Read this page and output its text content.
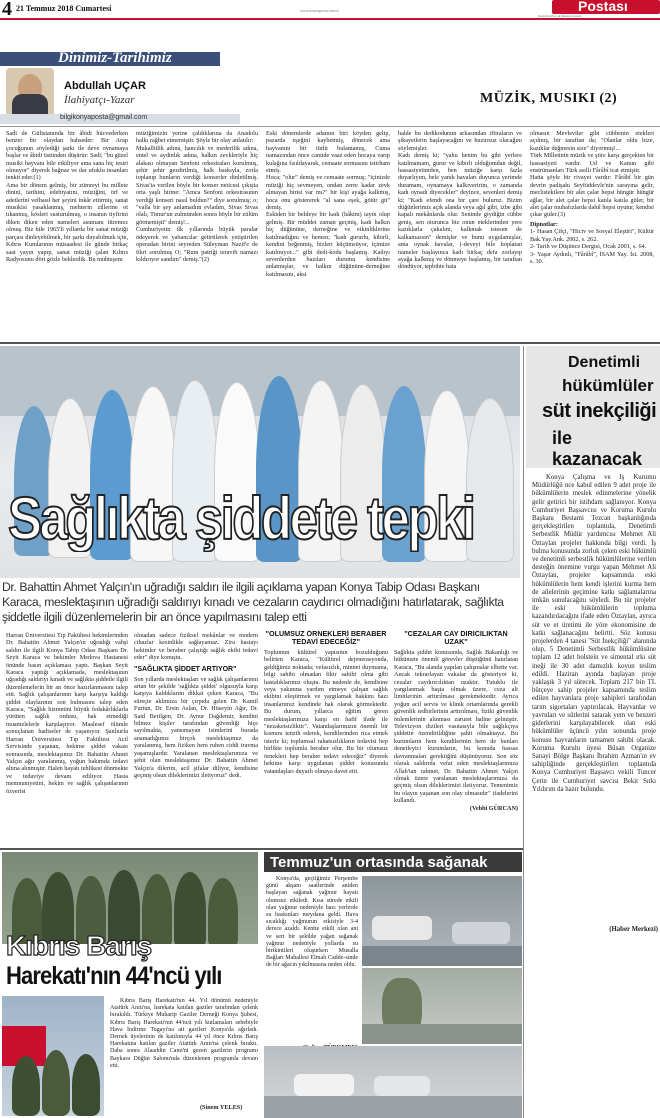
4 21 Temmuz 2018 Cumartesi	www.konyaposta.com.tr
Konya'nın En Çok Okunan Gazetesi
Postası
Dinimiz-Tarihimiz
Abdullah UÇAR
İlahiyatçı-Yazar
bilgikonyaposta@gmail.com
MÜZİK, MUSIKI (2)
Sadi de Gülistanında bir âbidi hücvederken benzer bir olaydan bahseder: Bir Arap çocuğunun söylediği şarkı ile deve oynamaya başlar ve âbidi üstünden düşürür: Sadi; "bu güzel musiki hayvanı bile etkiliyor ama sana hiç tesiri olmuyor" diyerek bağnaz ve dar ufuklu insanları tenkit eder.(1)
Ama bir dönem gelmiş, bir zümreyi bu millete dinini, tarihini, edebiyatını, müziğini, örf ve adetlerini velhasıl her şeyini inkâr ettirmiş, sanat musikisi yasaklanmış, mehterin zillerine ot tıkanmış, kösleri susturulmuş, o insanın tiyfirini diken diken eden nameleri asumanı titremez olmuş. Biz bile 1965'li yıllarda bir sanat müziği parçası dinleyebilmek, bir şarkı duyabilmek için, Kıbrıs Kumlarının müsaadesi ile günde birkaç saat yayın yapıp, sanat müziği çalan Kıbrıs Radyosunu dört gözle beklerdik. Bu muhteşem
müziğimizin yerine çaldıklarına da Anadolu halkı rağbet etmemiştir. Şöyle bir olay anlatılır:
Mukallitlik adına, hancılık ve mederilik adına, entel ve aydınlık adına, halkın zevkleriyle hiç alakası olmayan Senfoni orkestraları kurulmuş, şehir şehir gezdirilmiş, halk baskıyla, zorla toplanıp bunların verdiği konserler dinletilmiş. Sivas'ta verilen böyle bir konser neticesi çıkışta orta yaşlı birine: "Amca Senfoni orkestrasının verdiği konseri nasıl buldun?" diye sorulmuş; o; "valla bir şey anlamadım evladım, Sivas Sivas olalı, Timur'un zulmünden sonra böyle bir zülüm görmemişti" demiş!...
Cumhuriyetin ilk yıllarında büyük paralar ödeyerek ve yabancılar getirtilerek yetiştirilen operadan birini seyreden Süleyman Nazif'e de fikri sorulmuş O; "Rum patriği teravih namazı kıldırıyor sandım" demiş."(2)
Eski dönemlerde adamın biri köyden gelip, pazarda eşeğini kaybetmiş, dönecek ama hayvanını bir türlü bulamamış, Cuma namazından önce camide vaaz eden hocaya varıp kulağına fısıldayarak, cemaate sormasını istirham etmiş.
Hoca; "olur" demiş ve cemaate sormuş; "içinizde müziği hiç sevmeyen, ondan zerre kadar zevk almayan birisi var mı?" bir kişi ayağa kalkmış, hoca onu göstererek "al sana eşek, götür git" demiş.
Eskiden bir beldeye bir kadı (hâkim) tayin olup gelmiş. Bir müddet zaman geçmiş, kadı halkın hiç düğününe, derneğine ve etkinliklerine katılmadığını ve hemen; "kadı gururlu, kibirli, kendini beğenmiş, bizleri küçümsüyor, içimize katılmıyor..." gibi dedi-kodu başlamış. Kadıyı sevenlerden bazıları durumu kendisine anlatmışlar, ve halkın düğününe-derneğine katılmasını, aksi
halde bu dedikodunun arkasından iftiraların ve şikayetlerin başlayacağını ve huzursuz olacağını söylemişler.
Kadı demiş ki; "yahu benim bu gibi yerlere katılmamam, gurur ve kibirli olduğumdan değil, hassasiyetimden, ben müziğe karşı fazla duyarlıyım, hele yanık havaları duyunca yerimde duramam, oynamaya kalkıveririm, o zamanda kadı oynadı diyecekler" deyince, sevenleri demiş ki; "Kadı efendi ona bir çare buluruz. Bizim düğünlerimiz açık alanda veya ağıl gibi, izbe gibi kapalı mekânlarda olur. Seninde giydiğin cübbe geniş, sen oturunca biz onun eteklerinden yere kazıklarla çakalım, kalkmak istesen de kalkamazsın" demişler ve bunu uygulamışlar, ama oynak havalar, (-deveyi bile hoplatan nameler başlayınca kadı birkaç defa zorlayıp ayağa kalkmış ve dönmeye başlamış, bir taraftan döndüyor, tepbihte hata
olmasın Mevleviler gibi cübbenin etekleri açılmış, bir taraftan da; "Olanlar oldu bize, kazıklar değmesin size" diyormuş!...
Türk Milletinin müzik ve şiire karşı gerçekten bir hassasiyeti vardır. Ud ve Kanun gibi enstrümanları Türk asıllı Fârâbî icat etmiştir.
Hatta şöyle bir rivayet vardır: Fârâbî bir gün devrin padişahı Seyfüddevle'nin sarayına gelir, meclistekilere bir alet çalar hepsi hüngür hüngür ağlar, bir alet çalar hepsi katıla katıla güler, bir alet çalar muhafızlarda dahil hepsi uyutur, kendisi çıkar gider.(3)
Dipnotlar:
1- Hasan Çifçi, "Hiciv ve Sosyal Eleştiri", Kültür Bak.Yay.Ank. 2002, s. 262.
2- Tarih ve Düşünce Dergisi, Ocak 2001, s. 64.
3- Yaşar Aydınlı, "Fârâbî", İSAM Yay. İst. 2008, s. 30.
Sağlıkta şiddete tepki
Dr. Bahattin Ahmet Yalçın'ın uğradığı saldırı ile ilgili açıklama yapan Konya Tabip Odası Başkanı Karaca, meslektaşının uğradığı saldırıyı kınadı ve cezaların caydırıcı olmadığını hatırlatarak, sağlıkta şiddetle ilgili düzenlemelerin bir an önce yapılmasını talep etti
Harran Üniversitesi Tıp Fakültesi hekimlerinden Dr. Bahattin Ahmet Yalçın'ın uğradığı vahşi saldırı ile ilgili Konya Tabip Odası Başkanı Dr. Seyit Karaca ve hekimler Medova Hastanesi önünde basın açıklaması yaptı. Başkan Seyit Karaca yaptığı açıklamada, meslektaşının uğradığı saldırıyı kınadı ve sağlıkta şiddetle ilgili düzenlemelerin bir an önce hazırlanmasını talep etti. Sağlık çalışanlarının karşı karşıya kaldığı şiddet olaylarının son bulmasını talep eden Karaca, "Sağlık hizmetini büyük fedakârlıklarla yürüten sağlık ordusu, hak etmediği muamelelerle karşılaşıyor. Maalesef ölümle sonuçlanan hadiseler de yaşanıyor. Şanlıurfa Harran Üniversitesi Tıp Fakültesi Acil Servisinde yaşanan, hekime şiddet vakası sonrasında, meslektaşımız Dr. Bahattin Ahmet Yalçın ağır yaralanmış, yoğun bakımda tedavi altına alınmıştır. Halen hayatı tehlikesi dönmekte ve tedaviye devam ediliyor. Hasta memnuniyetini, hekim ve sağlık çalışanlarının özverisi
olmadan sadece fiziksel mekânlar ve modern cihazlar kesinlikle sağlayamaz. Zira hastayı hekimler ve beraber çalıştığı sağlık ekibi tedavi eder" diye konuştu.
"SAĞLIKTA ŞİDDET ARTIYOR"
Son yıllarda meslektaşları ve sağlık çalışanlarının artan bir şekilde 'sağlıkta şiddet' olgusuyla karşı karşıya kaldıklarını dikkat çeken Karaca, "Bu süreçte aklımıza bir çırpıda gelen Dr. Kamil Furtun, Dr. Ersin Aslan, Dr. Hüseyin Ağır, Dr. Said Berilgen, Dr. Aynur Dağdemir, kendini bilmez kişiler tarafından güvenliği hiçe sayılmakta, yansımayan isimlerini burada anamadığımız birçok meslektaşımız da yaralanmış, hem fiziken hem ruhen ciddi travma yaşamışlardır. Yaralanan meslektaşlarımıza ve şehit olan meslektaşımız Dr. Bahattin Ahmet Yalçın'a dilerim, acil şifalar diliyor, kendisine geçmiş olsun dileklerimizi iletiyoruz" dedi.
"OLUMSUZ ÖRNEKLERİ BERABER TEDAVİ EDECEĞİZ"
Toplumun kültürel yapısının bozulduğunu belirten Karaca, "Kültürel dejenerasyonda, geldiğimiz noktada; vefasızlık, minnet duymama, bilgi sahibi olmadan fikir sahibi olma gibi hastalıklarımız oluştu. Bu nedenle de, kendisine veya yakınına yardım etmeye çalışan sağlık ekibini eleştirmek ve yargılamak hakkını bazı insanlarımız kendinde hak olarak görmektedir. Bu durum, yıllarca eğitim gören meslektaşlarımıza karşı en hafif ifade ile "nezaketsizliktir". Vatandaşlarımızın önemli bir kısmını tenzih ederek, kendilerinden rica etmek isteriz ki; toplumsal rahatsızlıkların tedavisi hep birlikte toplumla beraber olur. Bu bir olumsuz örnekleri hep beraber tedavi edeceğiz" diyerek hekime karşı uygulanan şiddet konusunda vatandaşları duyarlı olmaya davet etti.
"CEZALAR CAY DIRICILIKTAN UZAK"
Sağlıkta şiddet konusunda, Sağlık Bakanlığı ve hükümete önemli görevler düştüğünü hatırlatan Karaca, "Bu alanda yapılan çalışmalar elbette var. Ancak tekrarlayan vakalar da gösteriyor ki, cezalar caydırıcılıktan uzaktır. Tutuklu ile yargılanmak başta olmak üzere, ceza alt limitlerinin arttırılması gerekmektedir. Ayrıca yoğun acil servis ve klinik ortamlarında gerekli güvenlik tedbirlerinin arttırılması, fiziki güvenlik önlemlerinin alınması zaruret haline gelmiştir. Televizyon dizileri vasıtasıyla bile sağlıkçıya şiddetin özendirildiğine şahit olmaktayız. Bu kurumların hem kendilerinin hem de bunları denetleyici kurumların, bu konuda hassas davranmaları gerektiğini düşünüyoruz. Son söz olarak saldırıda vefat eden meslektaşlarımıza Allah'tan rahmet, Dr. Bahattin Ahmet Yalçın olmak üzere yaralanan meslektaşlarımıza da geçmiş olsun dileklerimizi iletiyoruz. Temenimiz bu olayın yaşanan son olay olmasıdır" ifadelerini kullandı.
(Vehbi GÜRCAN)
Denetimli
hükümlüler
süt inekçiliği
ile kazanacak
Konya Çalışma ve İş Kurumu Müdürlüğü nce kabul edilen 9 adet proje ile hükümlülerin meslek edinmelerine yönelik gelir getirici bir istihdam sağlanıyor. Konya Cumhuriyet Başsavcısı ve Koruma Kurulu Başkanı Bestami Tezcan başkanlığında gerçekleştirilen toplantıda, Denetimli Serbestlik Müdür yardımcısı Mehmet Ali Öztaylan projeler hakkında bilgi verdi. İş bulma konusunda zorluk çeken eski hükümlü ve denetimli serbestlik hükümlülerine verilen desteğin önemine vurgu yapan Mehmet Ali Öztaylan, projeler kapsamında eski hükümlülerin hem kendi işlerini kurma hem de ailelerinin geçimine katkı sağlamalarına imkân sunulacağını söyledi. Bu tür projeler ile eski hükümlülerin topluma kazandırılacağını ifade eden Öztaylan, ayrıca süt ve et üretimi ile yöre ekonomisine de katkı sağlanacağını belirtti. Söz konusu projelerden 4 tanesi "Süt İnekçiliği" alanında olup, 5 Denetimli Serbestlik hükümlüsüne toplam 12 adet holstein ve simental ırkı süt ineği ile 30 adet damızlık koyun teslim edildi. Haziran ayında başlayan proje yaklaşık 3 yıl sürecek. Toplam 217 bin TL bütçeye sahip projeler kapsamında teslim edilen hayvanlara proje sahipleri tarafından tarım sigortaları yaptırılacak. Hayvanlar ve yavruları ve sütlerini satarak yem ve benzeri giderlerini karşılayabilecek olan eski hükümlüler üçüncü yılın sonunda proje konusu hayvanların tamamen sahibi olacak. Koruma Kurulu üyesi Büsan Organize Sanayi Bölge Başkanı İbrahim Azman'ın ev sahipliğinde gerçekleştirilen toplantıda Konya Cumhuriyet Başsavcı vekili Tuncer Çetin ile Cumhuriyet savcısı Bekir Sıtkı Yıldırım da hazır bulundu.
(Haber Merkezi)
Kıbrıs Barış
Harekatı'nın 44'ncü yılı
Kıbrıs Barış Harekatı'nın 44. Yıl dönümü nedeniyle Atatürk Anıtı'na, harekata katılan gaziler tarafından çelenk bırakıldı. Türkiye Muharip Gaziler Derneği Konya Şubesi, Kıbrıs Barış Harekatı'nın 44'ncü yılı kutlamaları sebebiyle Hava İndirme Tugayı'na ait gazileri Konya'da ağırladı. Dernek üyelerinin de katılımıyla 44 yıl önce Kıbrıs Barış Harekatına katılan gaziler Atatürk Anıtı'na çelenk bıraktı. Daha sonra Alaaddin Cami'ni gezen gazilerin programı Baykara Düğün Salonu'nda düzenlenen programla devam etti.
(Sinem YELES)
Temmuz'un ortasında sağanak
Konya'da, geçtiğimiz Perşembe günü akşam saatlerinde aniden başlayan sağanak yağmur hayatı olumsuz etkiledi. Kısa sürede etkili olan yağmur nedeniyle bazı yerlerde su baskınları meydana geldi. Hava sıcaklığı yağmurun etkisiyle 3-4 derece azaldı. Kentte etkili olan ani ve sert bir şekilde yağan sağanak yağmur nedeniyle yollarda su birikintileri oluşurken Musalla Bağları Mahallesi Elmalı Cadde-sinde de bir ağacın yıkılmasına neden oldu.
